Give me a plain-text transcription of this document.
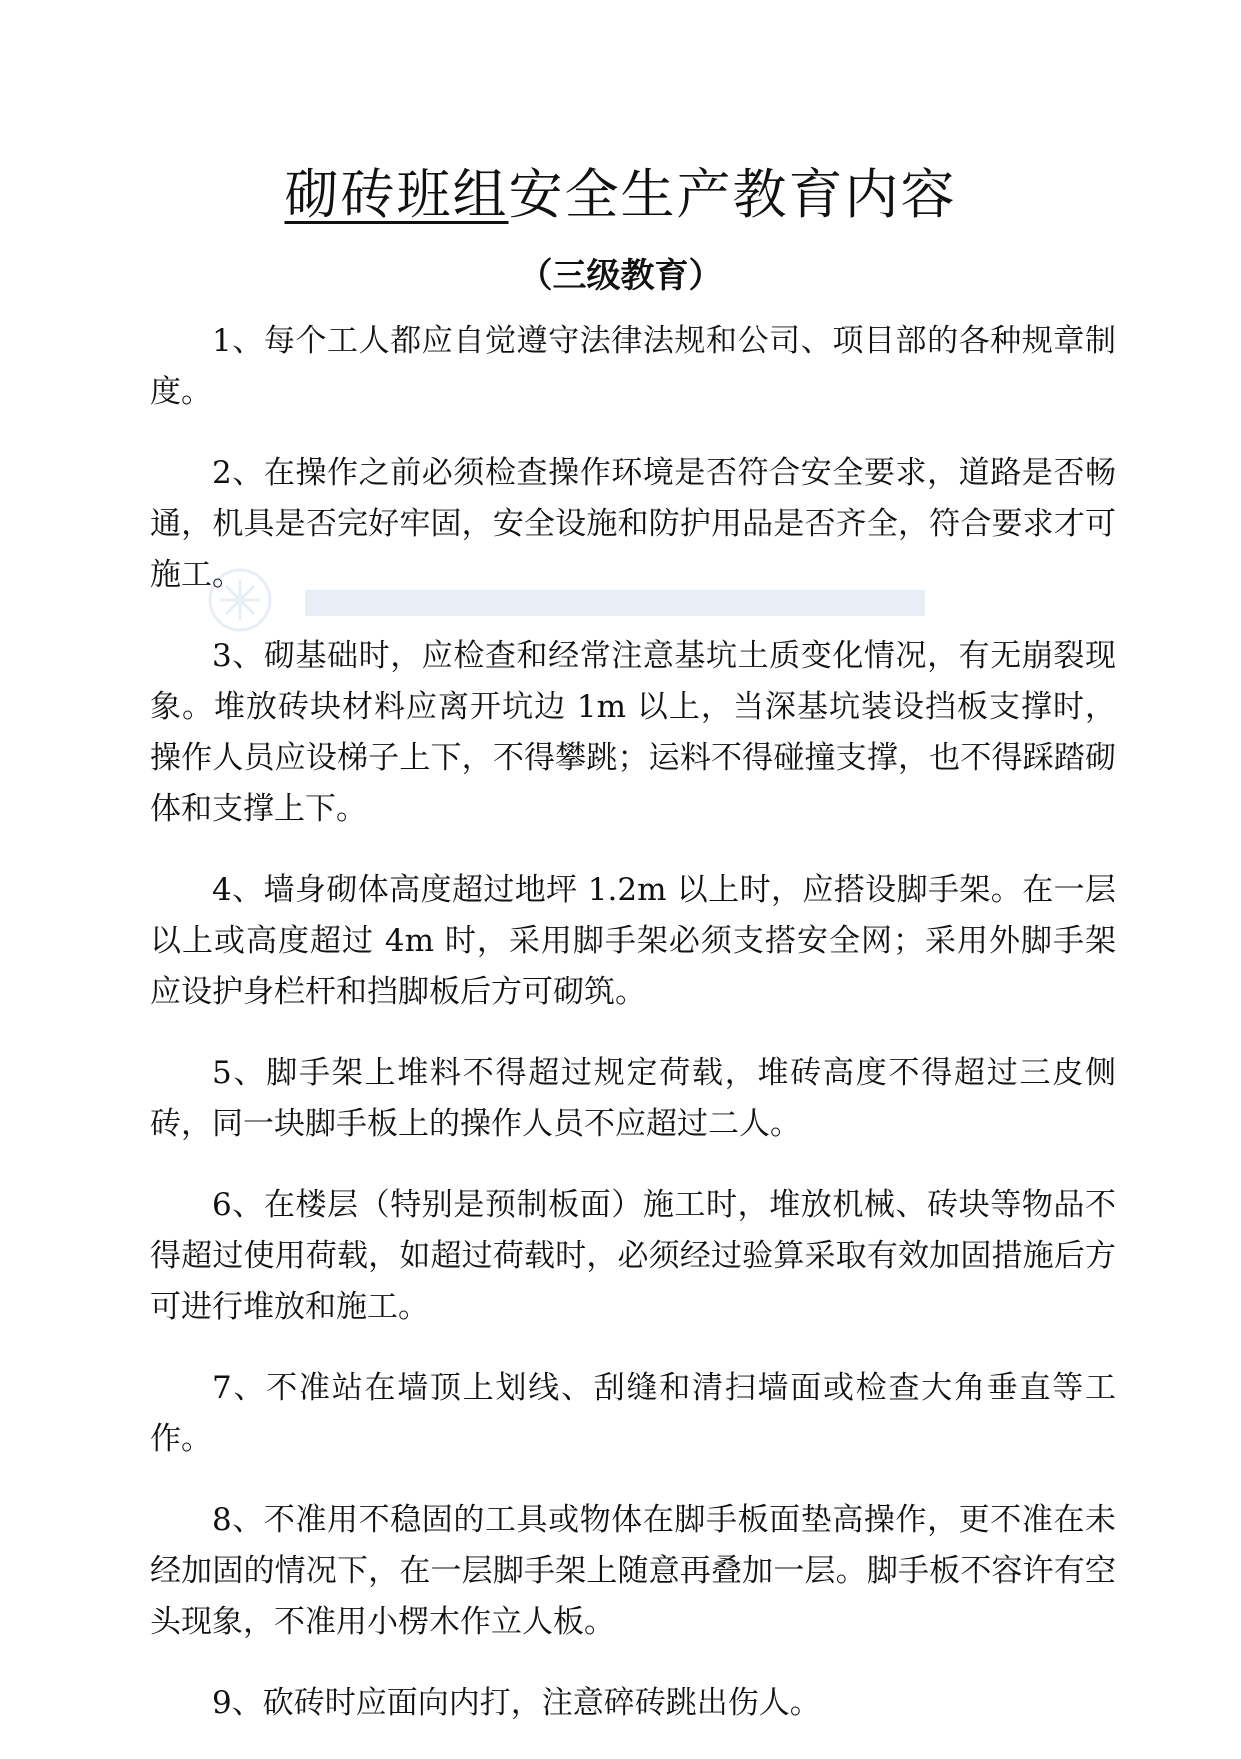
砌砖班组安全生产教育内容
（三级教育）

1、每个工人都应自觉遵守法律法规和公司、项目部的各种规章制度。

2、在操作之前必须检查操作环境是否符合安全要求，道路是否畅通，机具是否完好牢固，安全设施和防护用品是否齐全，符合要求才可施工。

3、砌基础时，应检查和经常注意基坑土质变化情况，有无崩裂现象。堆放砖块材料应离开坑边 1m 以上，当深基坑装设挡板支撑时，操作人员应设梯子上下，不得攀跳；运料不得碰撞支撑，也不得踩踏砌体和支撑上下。

4、墙身砌体高度超过地坪 1.2m 以上时，应搭设脚手架。在一层以上或高度超过 4m 时，采用脚手架必须支搭安全网；采用外脚手架应设护身栏杆和挡脚板后方可砌筑。

5、脚手架上堆料不得超过规定荷载，堆砖高度不得超过三皮侧砖，同一块脚手板上的操作人员不应超过二人。

6、在楼层（特别是预制板面）施工时，堆放机械、砖块等物品不得超过使用荷载，如超过荷载时，必须经过验算采取有效加固措施后方可进行堆放和施工。

7、不准站在墙顶上划线、刮缝和清扫墙面或检查大角垂直等工作。

8、不准用不稳固的工具或物体在脚手板面垫高操作，更不准在未经加固的情况下，在一层脚手架上随意再叠加一层。脚手板不容许有空头现象，不准用小楞木作立人板。

9、砍砖时应面向内打，注意碎砖跳出伤人。
